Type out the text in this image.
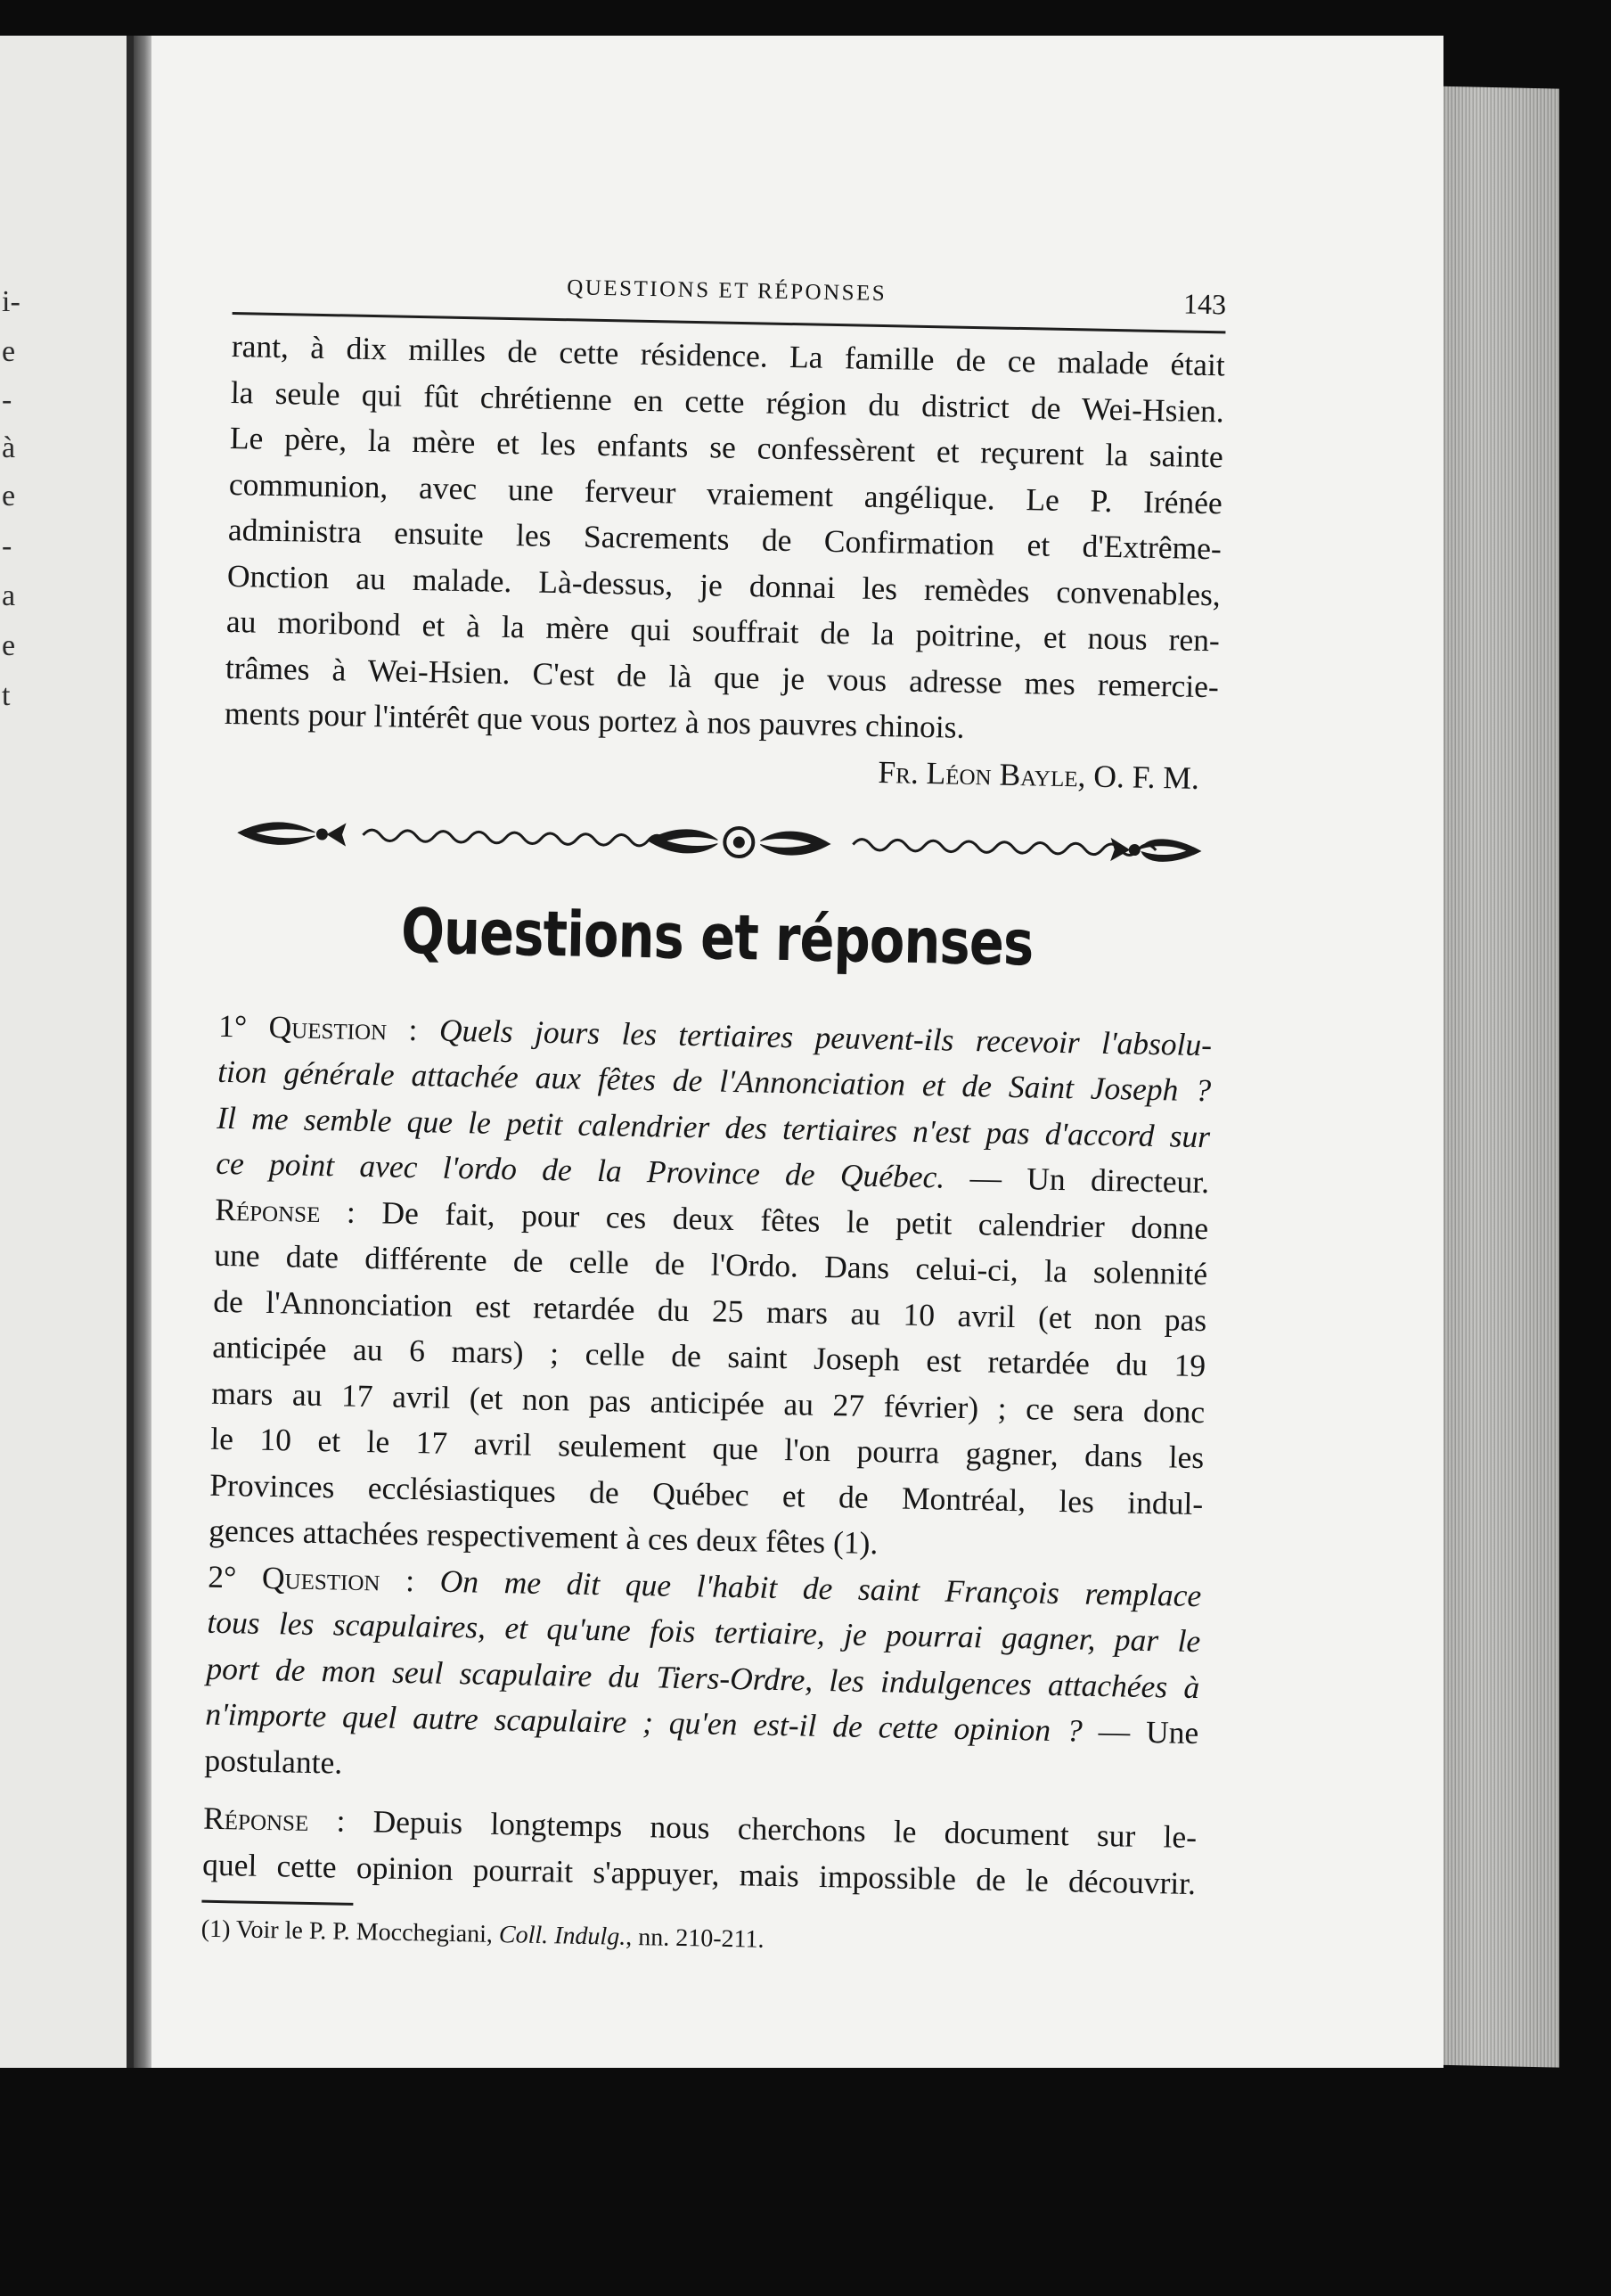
i-
e
-
à
e
-
a
e
t
QUESTIONS ET RÉPONSES	143

rant, à dix milles de cette résidence. La famille de ce malade était
la seule qui fût chrétienne en cette région du district de Wei-Hsien.
Le père, la mère et les enfants se confessèrent et reçurent la sainte
communion, avec une ferveur vraiement angélique. Le P. Irénée
administra ensuite les Sacrements de Confirmation et d'Extrême-
Onction au malade. Là-dessus, je donnai les remèdes convenables,
au moribond et à la mère qui souffrait de la poitrine, et nous ren-
trâmes à Wei-Hsien. C'est de là que je vous adresse mes remercie-
ments pour l'intérêt que vous portez à nos pauvres chinois.

Fr. Léon Bayle, O. F. M.
Questions et réponses

1° Question : Quels jours les tertiaires peuvent-ils recevoir l'absolu-
tion générale attachée aux fêtes de l'Annonciation et de Saint Joseph ?
Il me semble que le petit calendrier des tertiaires n'est pas d'accord sur
ce point avec l'ordo de la Province de Québec. — Un directeur.

Réponse : De fait, pour ces deux fêtes le petit calendrier donne
une date différente de celle de l'Ordo. Dans celui-ci, la solennité
de l'Annonciation est retardée du 25 mars au 10 avril (et non pas
anticipée au 6 mars) ; celle de saint Joseph est retardée du 19
mars au 17 avril (et non pas anticipée au 27 février) ; ce sera donc
le 10 et le 17 avril seulement que l'on pourra gagner, dans les
Provinces ecclésiastiques de Québec et de Montréal, les indul-
gences attachées respectivement à ces deux fêtes (1).

2° Question : On me dit que l'habit de saint François remplace
tous les scapulaires, et qu'une fois tertiaire, je pourrai gagner, par le
port de mon seul scapulaire du Tiers-Ordre, les indulgences attachées à
n'importe quel autre scapulaire ; qu'en est-il de cette opinion ? — Une
postulante.

Réponse : Depuis longtemps nous cherchons le document sur le-
quel cette opinion pourrait s'appuyer, mais impossible de le découvrir.

(1) Voir le P. P. Mocchegiani, Coll. Indulg., nn. 210-211.
